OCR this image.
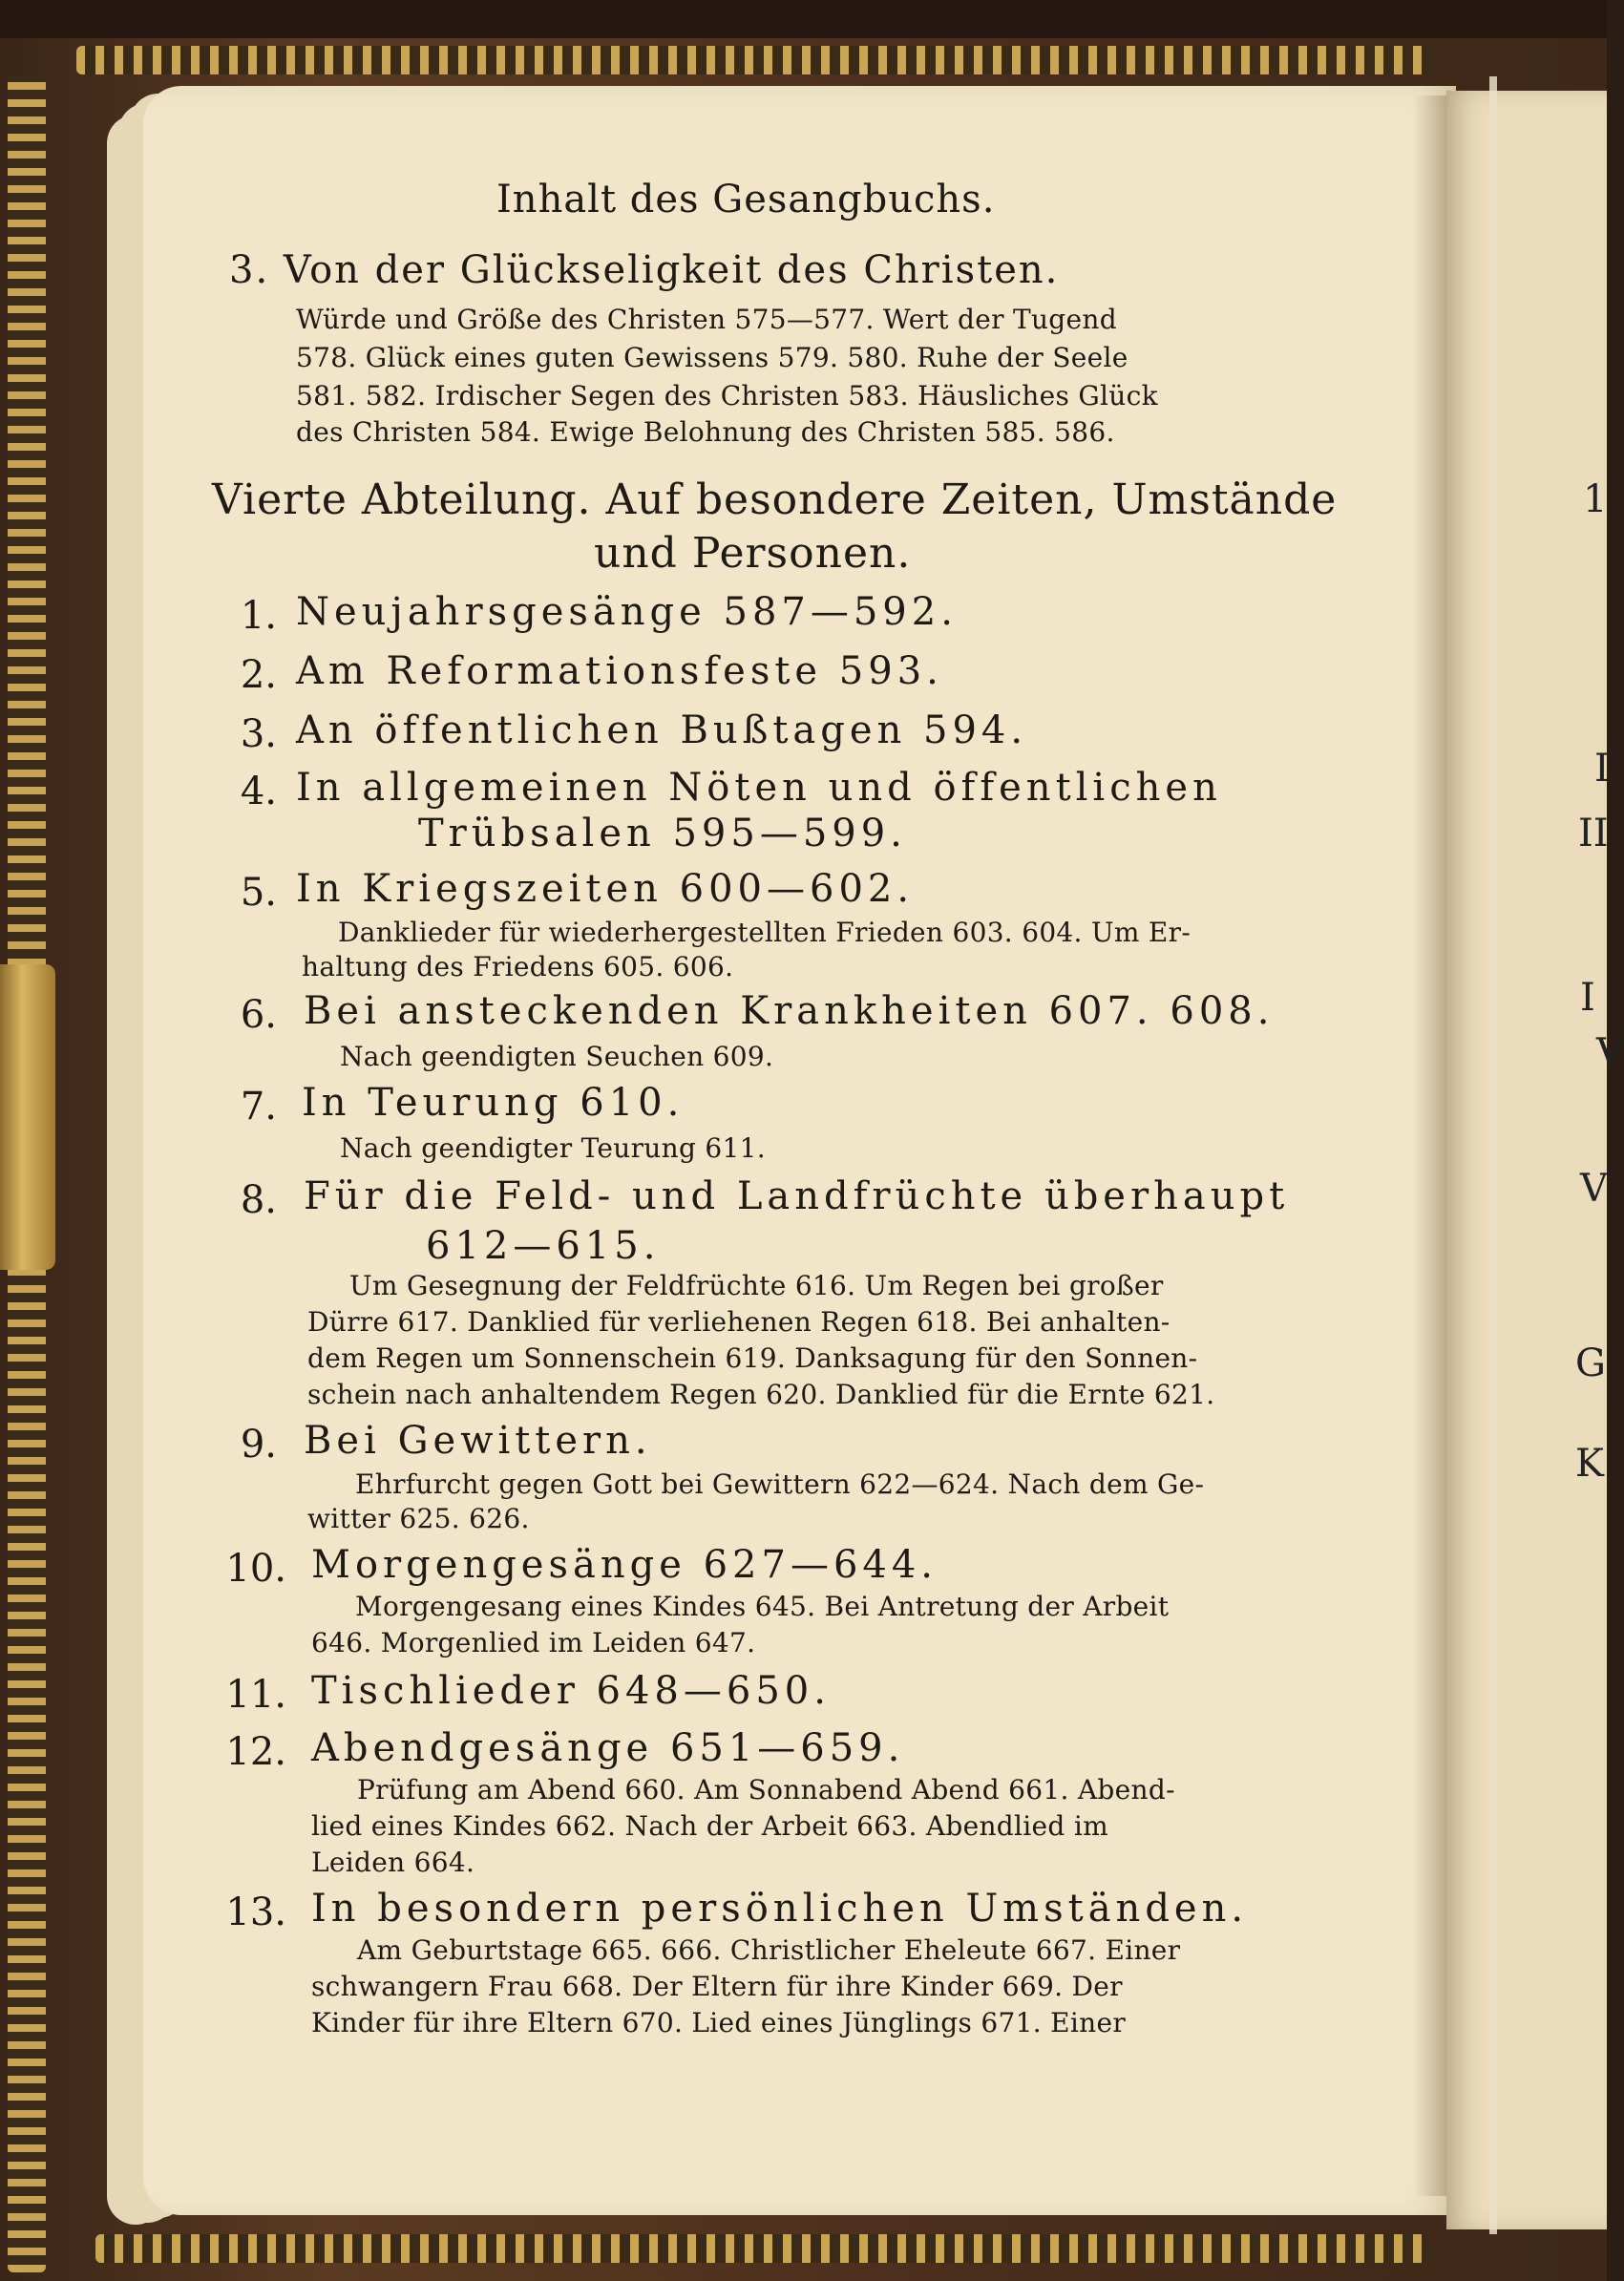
1
I
II
I
V
V
G
K
Inhalt des Gesangbuchs.
3. Von der Glückseligkeit des Christen.
Würde und Größe des Christen 575—577. Wert der Tugend
578. Glück eines guten Gewissens 579. 580. Ruhe der Seele
581. 582. Irdischer Segen des Christen 583. Häusliches Glück
des Christen 584. Ewige Belohnung des Christen 585. 586.
Vierte Abteilung. Auf besondere Zeiten, Umstände
und Personen.
1. Neujahrsgesänge 587—592.
2. Am Reformationsfeste 593.
3. An öffentlichen Bußtagen 594.
4. In allgemeinen Nöten und öffentlichen
Trübsalen 595—599.
5. In Kriegszeiten 600—602.
Danklieder für wiederhergestellten Frieden 603. 604. Um Er-
haltung des Friedens 605. 606.
6. Bei ansteckenden Krankheiten 607. 608.
Nach geendigten Seuchen 609.
7. In Teurung 610.
Nach geendigter Teurung 611.
8. Für die Feld- und Landfrüchte überhaupt
612—615.
Um Gesegnung der Feldfrüchte 616. Um Regen bei großer
Dürre 617. Danklied für verliehenen Regen 618. Bei anhalten-
dem Regen um Sonnenschein 619. Danksagung für den Sonnen-
schein nach anhaltendem Regen 620. Danklied für die Ernte 621.
9. Bei Gewittern.
Ehrfurcht gegen Gott bei Gewittern 622—624. Nach dem Ge-
witter 625. 626.
10. Morgengesänge 627—644.
Morgengesang eines Kindes 645. Bei Antretung der Arbeit
646. Morgenlied im Leiden 647.
11. Tischlieder 648—650.
12. Abendgesänge 651—659.
Prüfung am Abend 660. Am Sonnabend Abend 661. Abend-
lied eines Kindes 662. Nach der Arbeit 663. Abendlied im
Leiden 664.
13. In besondern persönlichen Umständen.
Am Geburtstage 665. 666. Christlicher Eheleute 667. Einer
schwangern Frau 668. Der Eltern für ihre Kinder 669. Der
Kinder für ihre Eltern 670. Lied eines Jünglings 671. Einer
